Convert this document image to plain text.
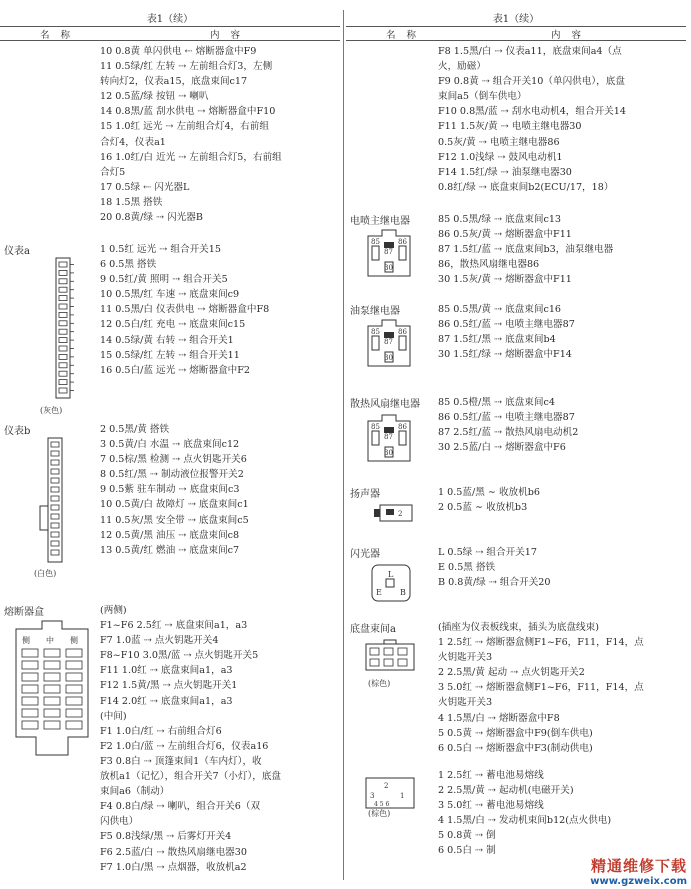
表1（续）
名 称	内 容
10 0.8黄 单闪供电 ⇠ 熔断器盒中F9
11 0.5绿/红 左转 ⇢ 左前组合灯3，左侧
转向灯2，仪表a15，底盘束间c17
12 0.5蓝/绿 按钮 ⇢ 喇叭
14 0.8黑/蓝 刮水供电 ⇢ 熔断器盒中F10
15 1.0红 远光 ⇢ 左前组合灯4，右前组
合灯4，仪表a1
16 1.0红/白 近光 ⇢ 左前组合灯5，右前组
合灯5
17 0.5绿 ⇠ 闪光器L
18 1.5黑 搭铁
20 0.8黄/绿 ⇢ 闪光器B
仪表a
(灰色)
1 0.5红 远光 ⇢ 组合开关15
6 0.5黑 搭铁
9 0.5红/黄 照明 ⇢ 组合开关5
10 0.5黑/红 车速 ⇢ 底盘束间c9
11 0.5黑/白 仪表供电 ⇢ 熔断器盒中F8
12 0.5白/红 充电 ⇢ 底盘束间c15
14 0.5绿/黄 右转 ⇢ 组合开关1
15 0.5绿/红 左转 ⇢ 组合开关11
16 0.5白/蓝 远光 ⇢ 熔断器盒中F2
仪表b
(白色)
2 0.5黑/黄 搭铁
3 0.5黄/白 水温 ⇢ 底盘束间c12
7 0.5棕/黑 检测 ⇢ 点火钥匙开关6
8 0.5红/黑 ⇢ 制动液位报警开关2
9 0.5紫 驻车制动 ⇢ 底盘束间c3
10 0.5黄/白 故障灯 ⇢ 底盘束间c1
11 0.5灰/黑 安全带 ⇢ 底盘束间c5
12 0.5黄/黑 油压 ⇢ 底盘束间c8
13 0.5黄/红 燃油 ⇢ 底盘束间c7
熔断器盒
侧 中 侧
(两侧)
F1~F6 2.5红 ⇢ 底盘束间a1，a3
F7 1.0蓝 ⇢ 点火钥匙开关4
F8~F10 3.0黑/蓝 ⇢ 点火钥匙开关5
F11 1.0红 ⇢ 底盘束间a1，a3
F12 1.5黄/黑 ⇢ 点火钥匙开关1
F14 2.0红 ⇢ 底盘束间a1，a3
(中间)
F1 1.0白/红 ⇢ 右前组合灯6
F2 1.0白/蓝 ⇢ 左前组合灯6，仪表a16
F3 0.8白 ⇢ 顶篷束间1（车内灯），收
放机a1（记忆），组合开关7（小灯），底盘
束间a6（制动）
F4 0.8白/绿 ⇢ 喇叭，组合开关6（双
闪供电）
F5 0.8浅绿/黑 ⇢ 后雾灯开关4
F6 2.5蓝/白 ⇢ 散热风扇继电器30
F7 1.0白/黑 ⇢ 点烟器，收放机a2
表1（续）
名 称	内 容
F8 1.5黑/白 ⇢ 仪表a11，底盘束间a4（点
火，励磁）
F9 0.8黄 ⇢ 组合开关10（单闪供电），底盘
束间a5（倒车供电）
F10 0.8黑/蓝 ⇢ 刮水电动机4，组合开关14
F11 1.5灰/黄 ⇢ 电喷主继电器30
0.5灰/黄 ⇢ 电喷主继电器86
F12 1.0浅绿 ⇢ 鼓风电动机1
F14 1.5红/绿 ⇢ 油泵继电器30
0.8红/绿 ⇢ 底盘束间b2(ECU/17，18）
电喷主继电器
85
87
86
30
85 0.5黑/绿 ⇢ 底盘束间c13
86 0.5灰/黄 ⇢ 熔断器盒中F11
87 1.5红/蓝 ⇢ 底盘束间b3，油泵继电器
86，散热风扇继电器86
30 1.5灰/黄 ⇢ 熔断器盒中F11
油泵继电器
85
87
86
30
85 0.5黑/黄 ⇢ 底盘束间c16
86 0.5红/蓝 ⇢ 电喷主继电器87
87 1.5红/黑 ⇢ 底盘束间b4
30 1.5红/绿 ⇢ 熔断器盒中F14
散热风扇继电器
85
87
86
30
85 0.5橙/黑 ⇢ 底盘束间c4
86 0.5红/蓝 ⇢ 电喷主继电器87
87 2.5红/蓝 ⇢ 散热风扇电动机2
30 2.5蓝/白 ⇢ 熔断器盒中F6
扬声器
2
1 0.5蓝/黑 ∼ 收放机b6
2 0.5蓝 ∼ 收放机b3
闪光器
L
E B
L 0.5绿 ⇢ 组合开关17
E 0.5黑 搭铁
B 0.8黄/绿 ⇢ 组合开关20
底盘束间a
(棕色)
(插座为仪表板线束，插头为底盘线束)
1 2.5红 ⇢ 熔断器盒侧F1~F6，F11，F14，点
火钥匙开关3
2 2.5黑/黄 起动 ⇢ 点火钥匙开关2
3 5.0红 ⇢ 熔断器盒侧F1~F6，F11，F14，点
火钥匙开关3
4 1.5黑/白 ⇢ 熔断器盒中F8
5 0.5黄 ⇢ 熔断器盒中F9(倒车供电)
6 0.5白 ⇢ 熔断器盒中F3(制动供电)
2
3	1
4 5 6
(棕色)
1 2.5红 ⇢ 蓄电池易熔线
2 2.5黑/黄 ⇢ 起动机(电磁开关)
3 5.0红 ⇢ 蓄电池易熔线
4 1.5黑/白 ⇢ 发动机束间b12(点火供电)
5 0.8黄 ⇢ 倒
6 0.5白 ⇢ 制
精通维修下载
www.gzweix.com
